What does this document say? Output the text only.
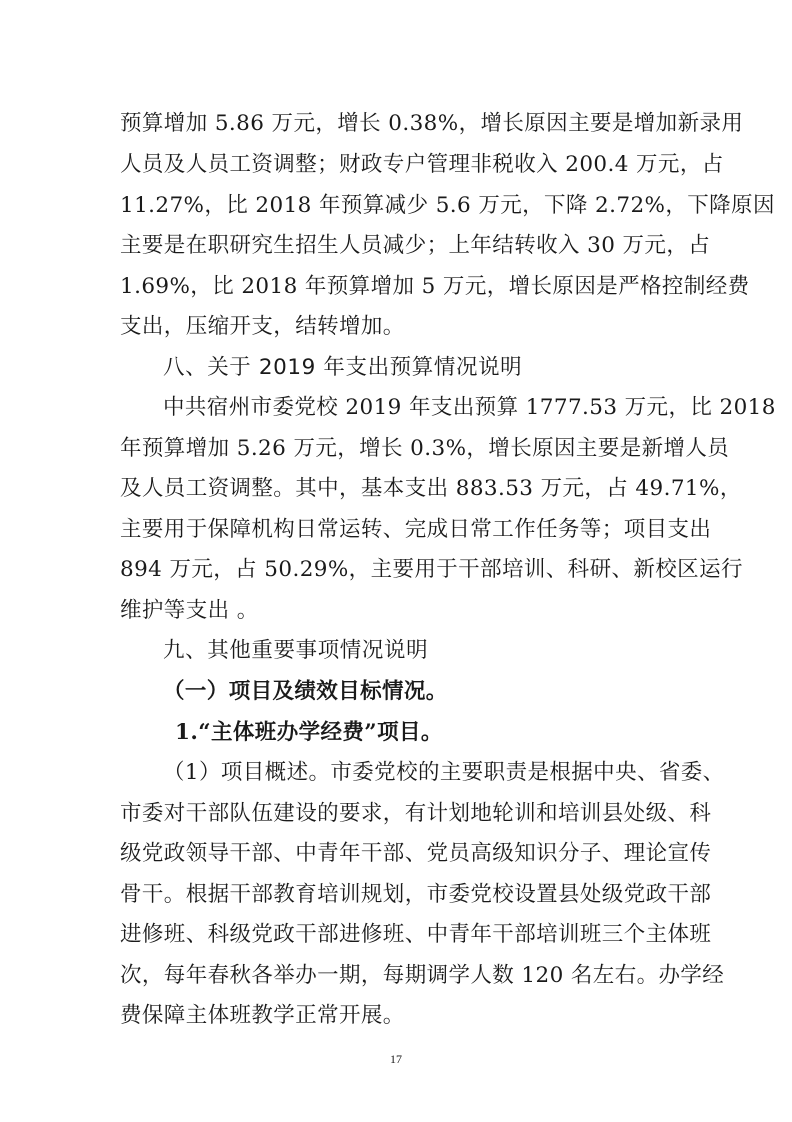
预算增加 5.86 万元，增长 0.38%，增长原因主要是增加新录用
人员及人员工资调整；财政专户管理非税收入 200.4 万元，占
11.27%，比 2018 年预算减少 5.6 万元，下降 2.72%，下降原因
主要是在职研究生招生人员减少；上年结转收入 30 万元，占
1.69%，比 2018 年预算增加 5 万元，增长原因是严格控制经费
支出，压缩开支，结转增加。
八、关于 2019 年支出预算情况说明
中共宿州市委党校 2019 年支出预算 1777.53 万元，比 2018
年预算增加 5.26 万元，增长 0.3%，增长原因主要是新增人员
及人员工资调整。其中，基本支出 883.53 万元，占 49.71%，
主要用于保障机构日常运转、完成日常工作任务等；项目支出
894 万元，占 50.29%，主要用于干部培训、科研、新校区运行
维护等支出 。
九、其他重要事项情况说明
（一）项目及绩效目标情况。
1.“主体班办学经费”项目。
（1）项目概述。市委党校的主要职责是根据中央、省委、
市委对干部队伍建设的要求，有计划地轮训和培训县处级、科
级党政领导干部、中青年干部、党员高级知识分子、理论宣传
骨干。根据干部教育培训规划，市委党校设置县处级党政干部
进修班、科级党政干部进修班、中青年干部培训班三个主体班
次，每年春秋各举办一期，每期调学人数 120 名左右。办学经
费保障主体班教学正常开展。
17
